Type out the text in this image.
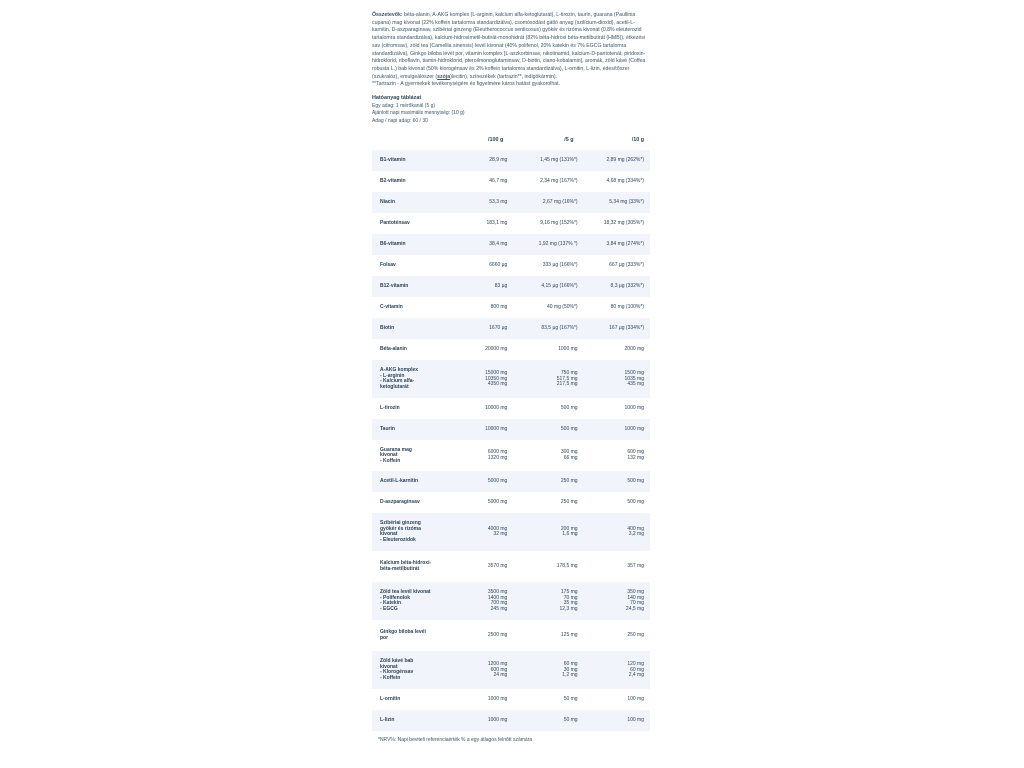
Összetevők: béta-alanin, A-AKG komplex (L-arginin, kalcium alfa-ketoglutarát), L-tirozin, taurin, guarana (Paullinia cupana) mag kivonat (22% koffein tartalomra standardizálva), csomósodást gátló anyag (szilícium-dioxid), acetil-L-karnitin, D-aszparaginsav, szibériai ginzeng (Eleutherococcus senticosus) gyökér és rizóma kivonat (0,8% eleuterozid tartalomra standardizálva), kalcium-hidroximetil-butirát-monohidrát (82% béta-hidroxi béta-metilbutirát (HMB)), étkezési sav (citromsav), zöld tea (Camellia sinensis) levél kivonat (40% polifenol, 20% katekin és 7% EGCG tartalomra standardizálva), Ginkgo biloba levél por, vitamin komplex [L-aszkorbinsav, nikotinamid, kalcium-D-pantotenát, piridoxin-hidroklorid, riboflavin, tiamin-hidroklorid, pteroilmonoglutaminsav, D-biotin, ciano-kobalamin], aromák, zöld kávé (Coffea robusta L.) bab kivonat (50% klorogénsav és 2% koffein tartalomra standardizálva), L-ornitin, L-lizin, édesítőszer (szukralóz), emulgeálószer (szója)lecitin), színezékek (tartrazin**, indigókármin).

**Tartrazin - A gyermekek tevékenységére és figyelmére káros hatást gyakorolhat.

Hatóanyag táblázat

Egy adag: 1 mérőkanál (5 g)

Ajánlott napi maximális mennyiség: (10 g)

Adag / napi adag: 60 / 30

	/100 g	/5 g	/10 g

B1-vitamin	28,9 mg	1,45 mg (131%*)	2,89 mg (262%*)

B2-vitamin	46,7 mg	2,34 mg (167%*)	4,68 mg (334%*)

Niacin	53,3 mg	2,67 mg (16%*)	5,34 mg (33%*)

Pantoténsav	183,1 mg	9,16 mg (152%*)	18,32 mg (305%*)

B6-vitamin	38,4 mg	1,92 mg (137% *)	3,84 mg (274%*)

Folsav	6660 µg	333 µg (166%*)	667 µg (333%*)

B12-vitamin	83 µg	4,15 µg (166%*)	8,3 µg (332%*)

C-vitamin	800 mg	40 mg (50%*)	80 mg (100%*)

Biotin	1670 µg	83,5 µg (167%*)	167 µg (334%*)

Béta-alanin	20000 mg	1000 mg	2000 mg

A-AKG komplex
- L-arginin
- Kalcium alfa-
ketoglutarát	15000 mg
10350 mg
4350 mg	750 mg
517,5 mg
217,5 mg	1500 mg
1035 mg
435 mg

L-tirozin	10000 mg	500 mg	1000 mg

Taurin	10000 mg	500 mg	1000 mg

Guarana mag
kivonat
- Koffein	6000 mg
1320 mg	300 mg
66 mg	600 mg
132 mg

Acetil-L-karnitin	5000 mg	250 mg	500 mg

D-aszparaginsav	5000 mg	250 mg	500 mg

Szibériai ginzeng
gyökér és rizóma
kivonat
- Eleuterozidok	4000 mg
32 mg	200 mg
1,6 mg	400 mg
3,2 mg

Kalcium béta-hidroxi-
béta-metilbutirát	3570 mg	178,5 mg	357 mg

Zöld tea levél kivonat
- Polifenolok
- Katekin
- EGCG	3500 mg
1400 mg
700 mg
245 mg	175 mg
70 mg
35 mg
12,3 mg	350 mg
140 mg
70 mg
24,5 mg

Ginkgo biloba levél
por	2500 mg	125 mg	250 mg

Zöld kávé bab
kivonat
- Klorogénsav
- Koffein	1200 mg
600 mg
24 mg	60 mg
30 mg
1,2 mg	120 mg
60 mg
2,4 mg

L-ornitin	1000 mg	50 mg	100 mg

L-lizin	1000 mg	50 mg	100 mg

*NRV%: Napi beviteli referenciaérték % a egy átlagos felnőtt számára
